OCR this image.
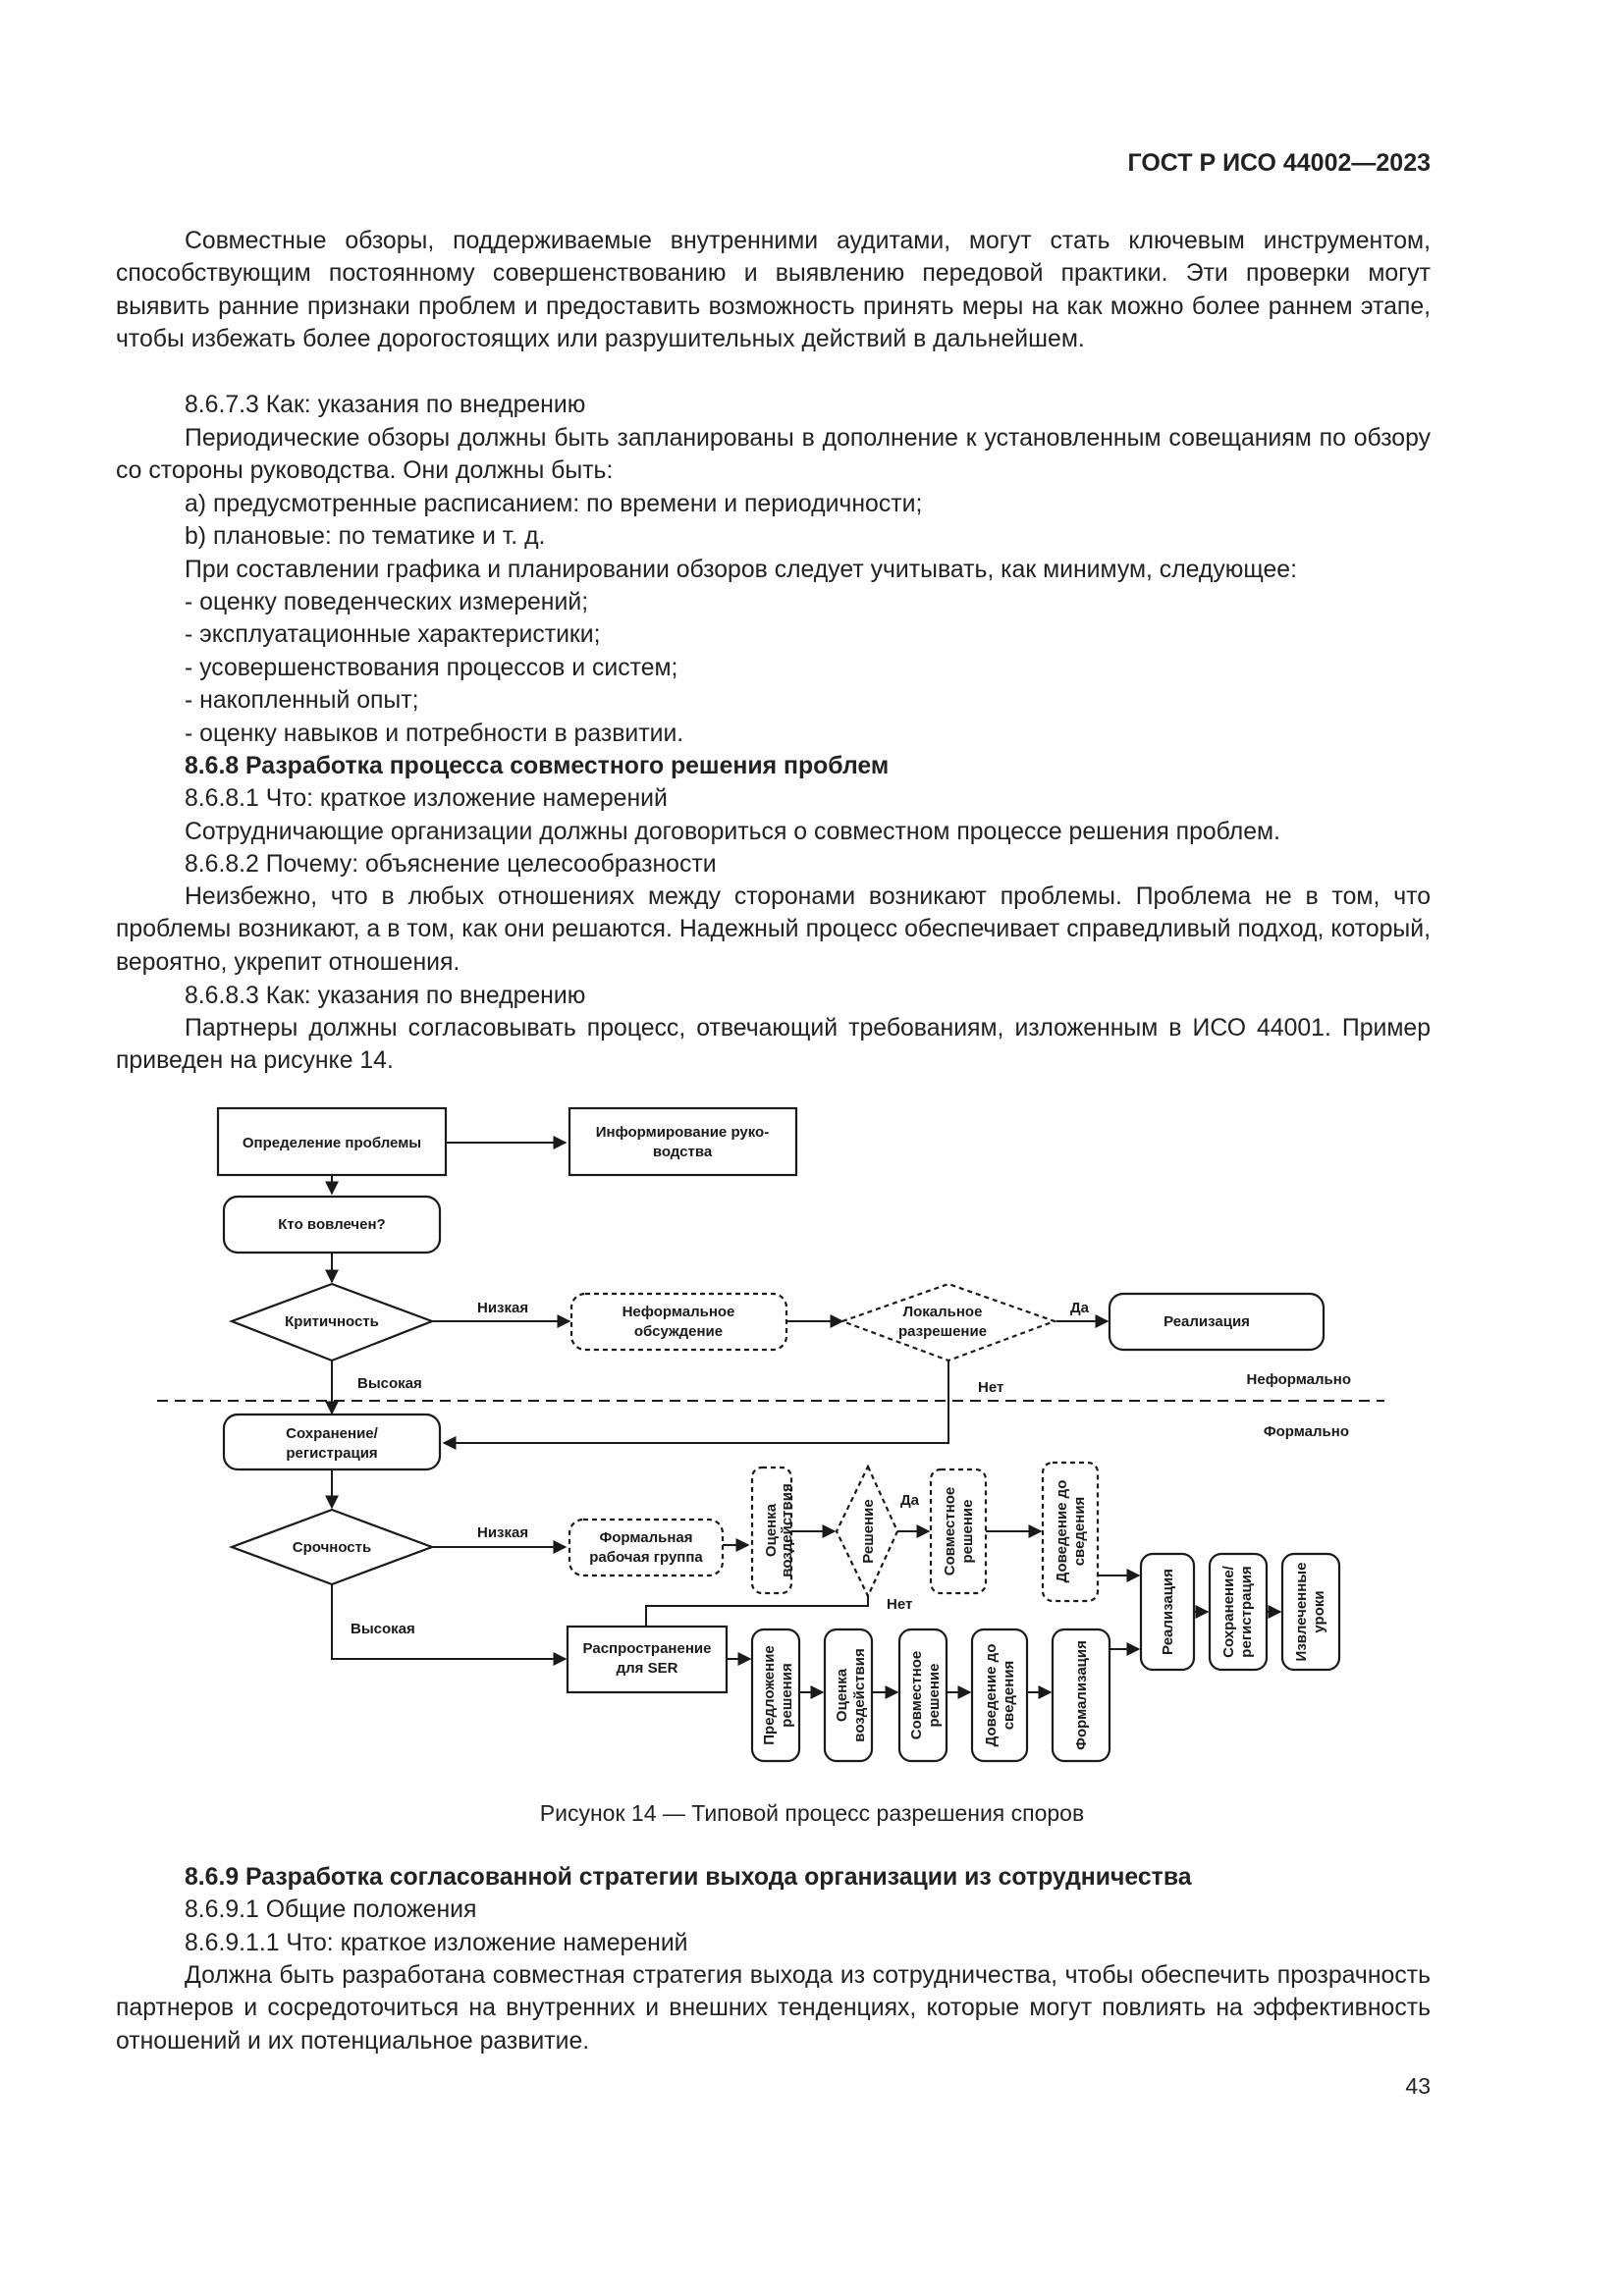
ГОСТ Р ИСО 44002—2023

Совместные обзоры, поддерживаемые внутренними аудитами, могут стать ключевым инструментом, способствующим постоянному совершенствованию и выявлению передовой практики. Эти проверки могут выявить ранние признаки проблем и предоставить возможность принять меры на как можно более раннем этапе, чтобы избежать более дорогостоящих или разрушительных действий в дальнейшем.

8.6.7.3 Как: указания по внедрению

Периодические обзоры должны быть запланированы в дополнение к установленным совещаниям по обзору со стороны руководства. Они должны быть:

a) предусмотренные расписанием: по времени и периодичности;
b) плановые: по тематике и т. д.

При составлении графика и планировании обзоров следует учитывать, как минимум, следующее:

- оценку поведенческих измерений;
- эксплуатационные характеристики;
- усовершенствования процессов и систем;
- накопленный опыт;
- оценку навыков и потребности в развитии.

8.6.8 Разработка процесса совместного решения проблем

8.6.8.1 Что: краткое изложение намерений

Сотрудничающие организации должны договориться о совместном процессе решения проблем.

8.6.8.2 Почему: объяснение целесообразности

Неизбежно, что в любых отношениях между сторонами возникают проблемы. Проблема не в том, что проблемы возникают, а в том, как они решаются. Надежный процесс обеспечивает справедливый подход, который, вероятно, укрепит отношения.

8.6.8.3 Как: указания по внедрению

Партнеры должны согласовывать процесс, отвечающий требованиям, изложенным в ИСО 44001. Пример приведен на рисунке 14.

Определение проблемы
Информирование руко-
водства
Кто вовлечен?
Критичность
Низкая
Высокая
Неформальное
обсуждение
Локальное
разрешение
Да
Нет
Реализация
Неформально
Формально
Сохранение/
регистрация
Срочность
Низкая
Высокая
Формальная
рабочая группа
Оценка воздействия	Решение Да
Нет
Совместное решение	Доведение до сведения
Распространение
для SER	Предложение решения	Оценка воздействия	Совместное решение	Доведение до сведения	Формализация
Реализация	Сохранение/ регистрация	Извлеченные уроки
Рисунок 14 — Типовой процесс разрешения споров

8.6.9 Разработка согласованной стратегии выхода организации из сотрудничества

8.6.9.1 Общие положения

8.6.9.1.1 Что: краткое изложение намерений

Должна быть разработана совместная стратегия выхода из сотрудничества, чтобы обеспечить прозрачность партнеров и сосредоточиться на внутренних и внешних тенденциях, которые могут повлиять на эффективность отношений и их потенциальное развитие.

43
